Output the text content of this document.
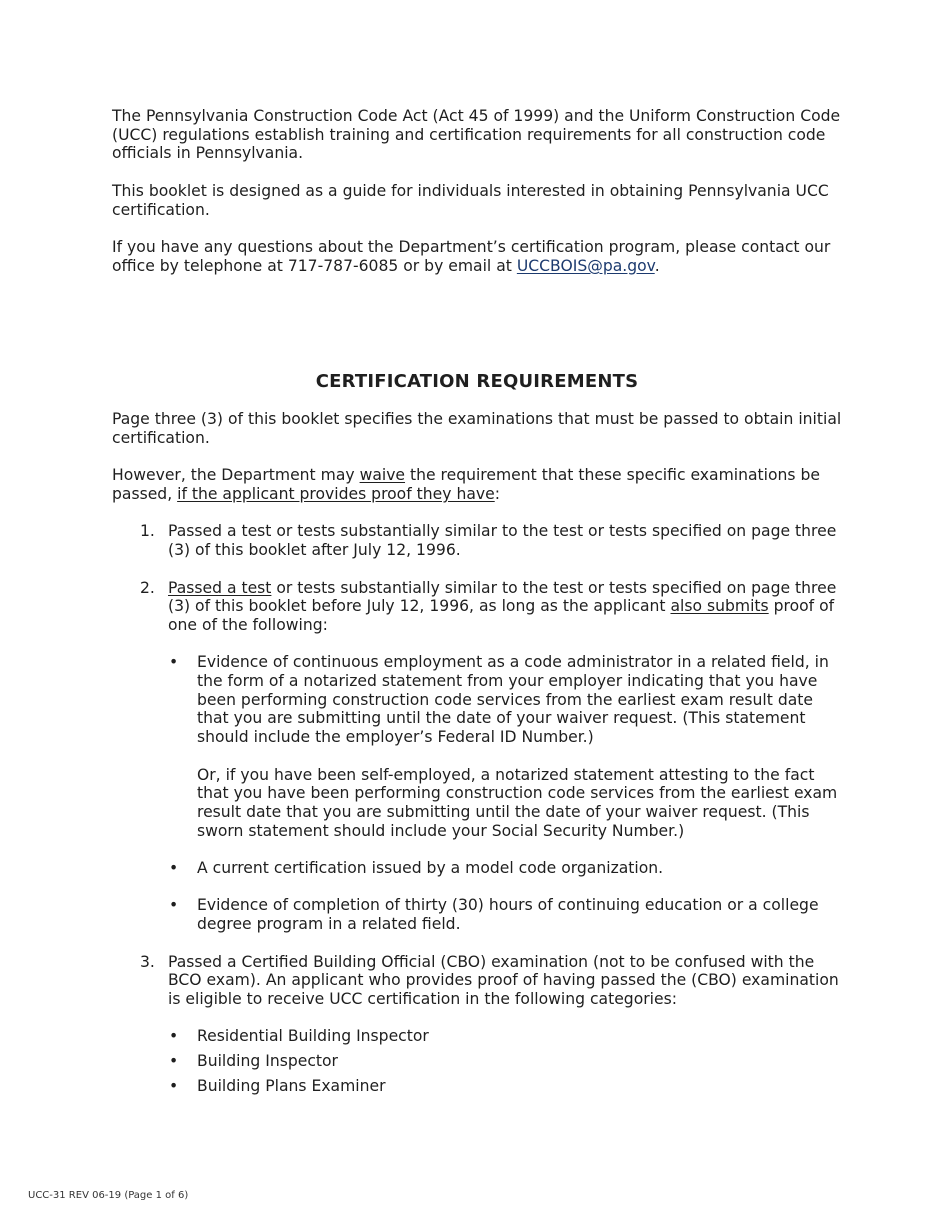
The Pennsylvania Construction Code Act (Act 45 of 1999) and the Uniform Construction Code (UCC) regulations establish training and certification requirements for all construction code officials in Pennsylvania.

This booklet is designed as a guide for individuals interested in obtaining Pennsylvania UCC certification.

If you have any questions about the Department’s certification program, please contact our office by telephone at 717-787-6085 or by email at UCCBOIS@pa.gov.

CERTIFICATION REQUIREMENTS

Page three (3) of this booklet specifies the examinations that must be passed to obtain initial certification.

However, the Department may waive the requirement that these specific examinations be passed, if the applicant provides proof they have:

1. Passed a test or tests substantially similar to the test or tests specified on page three (3) of this booklet after July 12, 1996.
2. Passed a test or tests substantially similar to the test or tests specified on page three (3) of this booklet before July 12, 1996, as long as the applicant also submits proof of one of the following:
• Evidence of continuous employment as a code administrator in a related field, in the form of a notarized statement from your employer indicating that you have been performing construction code services from the earliest exam result date that you are submitting until the date of your waiver request. (This statement should include the employer’s Federal ID Number.)
Or, if you have been self-employed, a notarized statement attesting to the fact that you have been performing construction code services from the earliest exam result date that you are submitting until the date of your waiver request. (This sworn statement should include your Social Security Number.)
• A current certification issued by a model code organization.
• Evidence of completion of thirty (30) hours of continuing education or a college degree program in a related field.
3. Passed a Certified Building Official (CBO) examination (not to be confused with the BCO exam). An applicant who provides proof of having passed the (CBO) examination is eligible to receive UCC certification in the following categories:
• Residential Building Inspector
• Building Inspector
• Building Plans Examiner
UCC-31 REV 06-19 (Page 1 of 6)
